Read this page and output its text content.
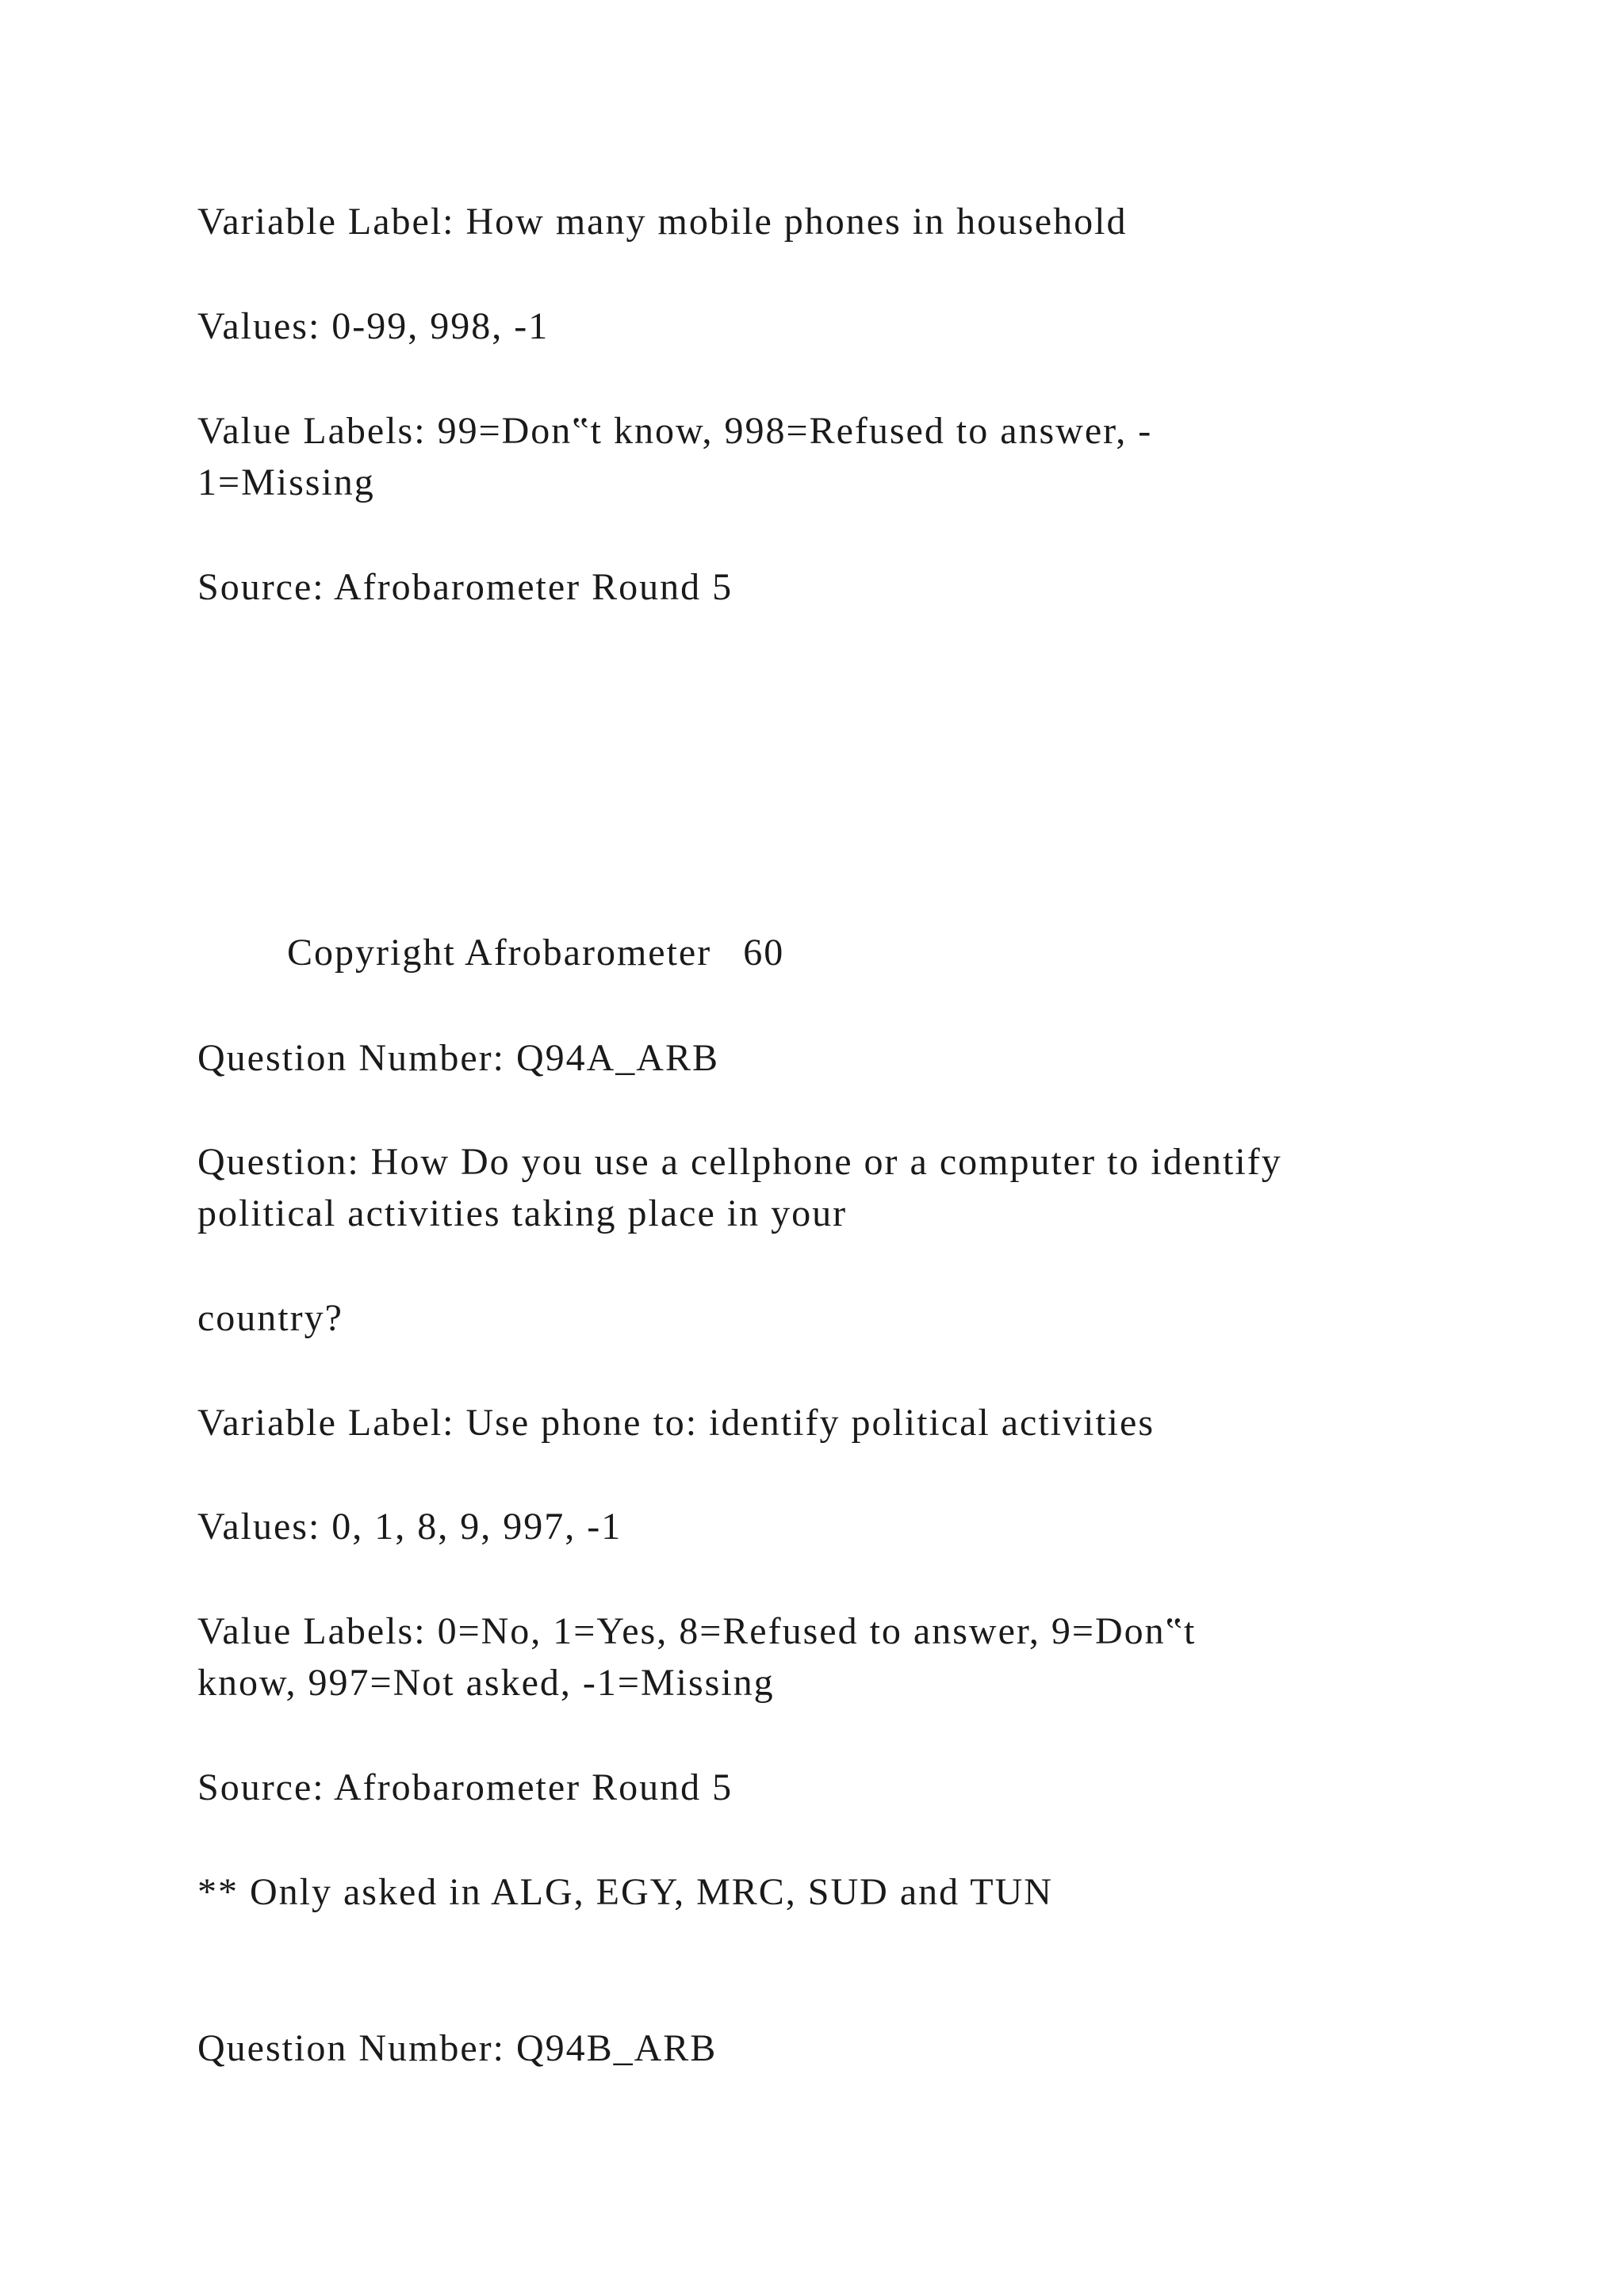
Variable Label: How many mobile phones in household

Values: 0-99, 998, -1

Value Labels: 99=Don‟t know, 998=Refused to answer, -

1=Missing

Source: Afrobarometer Round 5

Copyright Afrobarometer 60

Question Number: Q94A_ARB

Question: How Do you use a cellphone or a computer to identify

political activities taking place in your

country?

Variable Label: Use phone to: identify political activities

Values: 0, 1, 8, 9, 997, -1

Value Labels: 0=No, 1=Yes, 8=Refused to answer, 9=Don‟t

know, 997=Not asked, -1=Missing

Source: Afrobarometer Round 5

** Only asked in ALG, EGY, MRC, SUD and TUN

Question Number: Q94B_ARB
